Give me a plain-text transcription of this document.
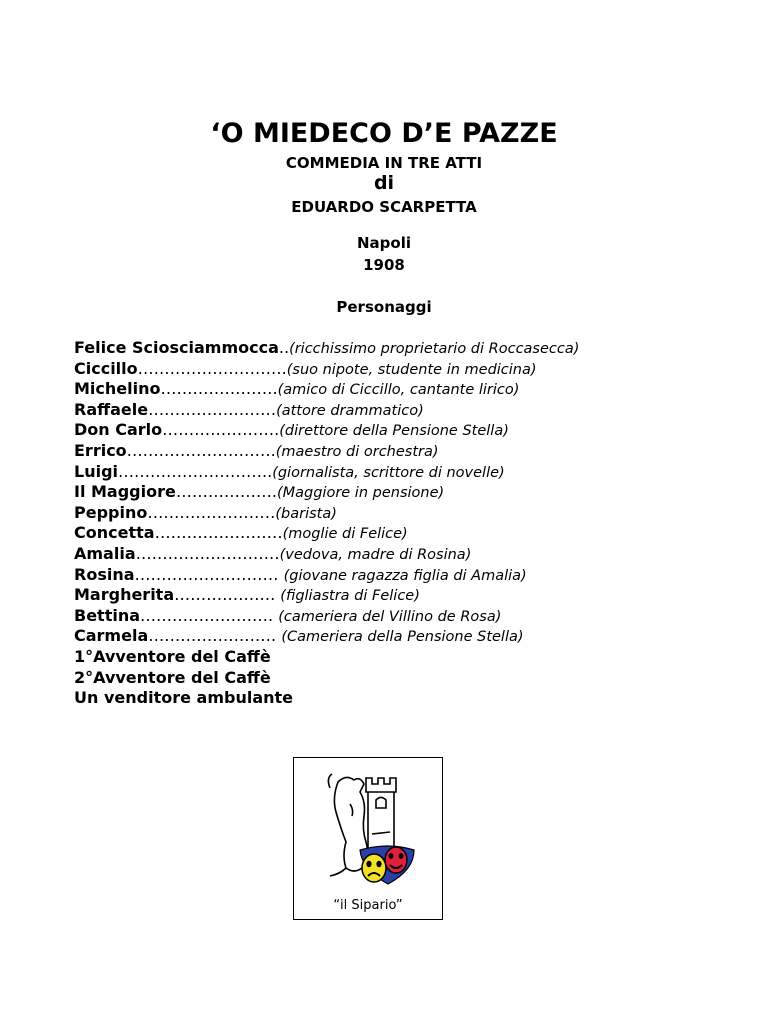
‘O MIEDECO D’E PAZZE
COMMEDIA IN TRE ATTI
di
EDUARDO SCARPETTA
Napoli
1908
Personaggi
Felice Sciosciammocca..(ricchissimo proprietario di Roccasecca)
Ciccillo……………………….(suo nipote, studente in medicina)
Michelino………………….(amico di Ciccillo, cantante lirico)
Raffaele……………………(attore drammatico)
Don Carlo………………….(direttore della Pensione Stella)
Errico……………………….(maestro di orchestra)
Luigi………………………..(giornalista, scrittore di novelle)
Il Maggiore……………….(Maggiore in pensione)
Peppino……………………(barista)
Concetta……………………(moglie di Felice)
Amalia………………………(vedova, madre di Rosina)
Rosina……………………… (giovane ragazza figlia di Amalia)
Margherita………………. (figliastra di Felice)
Bettina……………………. (cameriera del Villino de Rosa)
Carmela…………………… (Cameriera della Pensione Stella)
1°Avventore del Caffè
2°Avventore del Caffè
Un venditore ambulante
“il Sipario”
